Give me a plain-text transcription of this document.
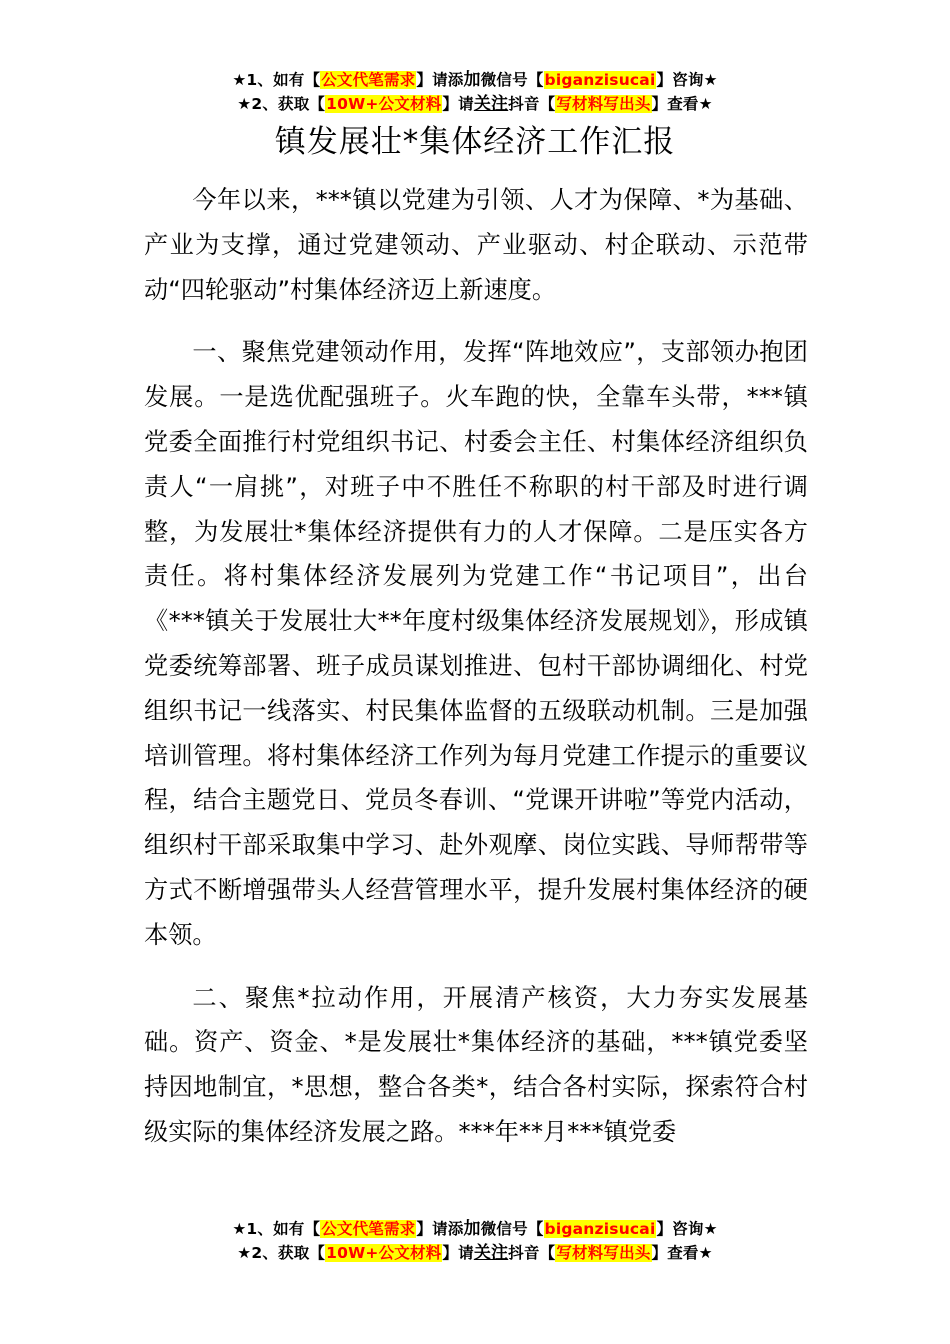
★1、如有【公文代笔需求】请添加微信号【biganzisucai】咨询★
★2、获取【10W+公文材料】请关注抖音【写材料写出头】查看★
镇发展壮*集体经济工作汇报

今年以来，***镇以党建为引领、人才为保障、*为基础、产业为支撑，通过党建领动、产业驱动、村企联动、示范带动“四轮驱动”村集体经济迈上新速度。

一、聚焦党建领动作用，发挥“阵地效应”，支部领办抱团发展。一是选优配强班子。火车跑的快，全靠车头带，***镇党委全面推行村党组织书记、村委会主任、村集体经济组织负责人“一肩挑”，对班子中不胜任不称职的村干部及时进行调整，为发展壮*集体经济提供有力的人才保障。二是压实各方责任。将村集体经济发展列为党建工作“书记项目”，出台《***镇关于发展壮大**年度村级集体经济发展规划》，形成镇党委统筹部署、班子成员谋划推进、包村干部协调细化、村党组织书记一线落实、村民集体监督的五级联动机制。三是加强培训管理。将村集体经济工作列为每月党建工作提示的重要议程，结合主题党日、党员冬春训、“党课开讲啦”等党内活动，组织村干部采取集中学习、赴外观摩、岗位实践、导师帮带等方式不断增强带头人经营管理水平，提升发展村集体经济的硬本领。

二、聚焦*拉动作用，开展清产核资，大力夯实发展基础。资产、资金、*是发展壮*集体经济的基础，***镇党委坚持因地制宜，*思想，整合各类*，结合各村实际，探索符合村级实际的集体经济发展之路。***年**月***镇党委

★1、如有【公文代笔需求】请添加微信号【biganzisucai】咨询★
★2、获取【10W+公文材料】请关注抖音【写材料写出头】查看★
